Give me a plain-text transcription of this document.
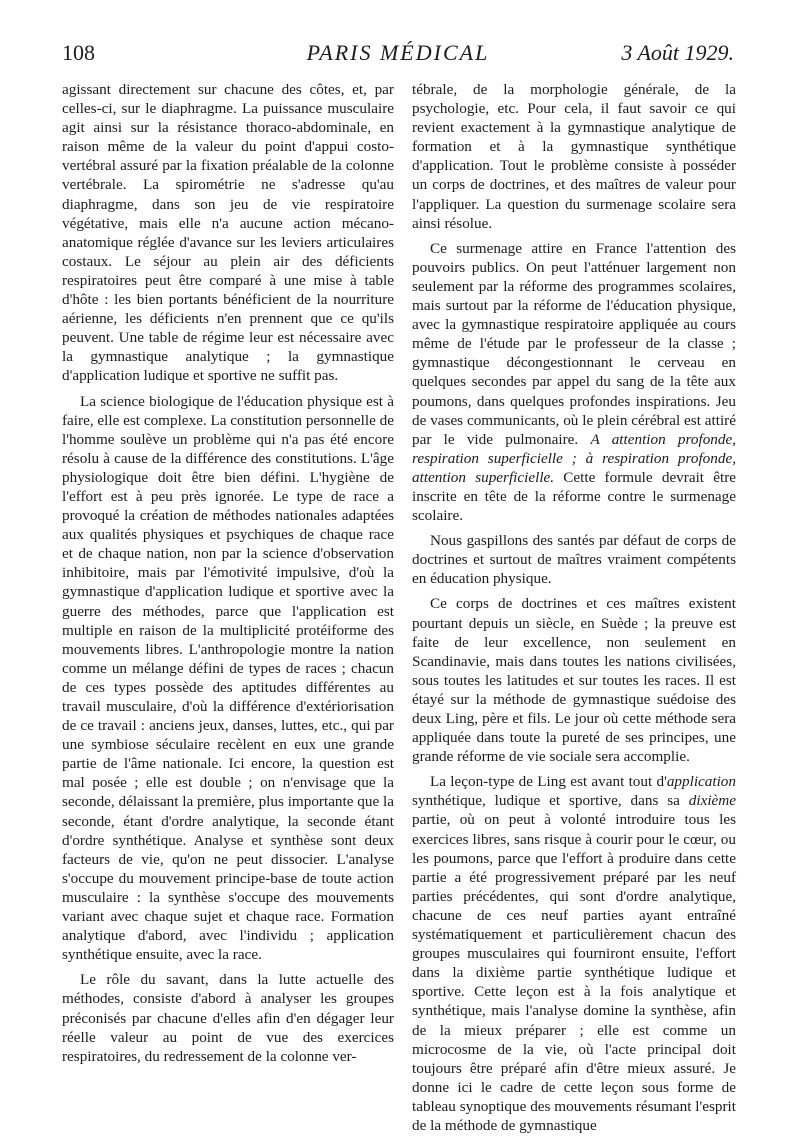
108	PARIS MÉDICAL	3 Août 1929.

agissant directement sur chacune des côtes, et, par celles-ci, sur le diaphragme. La puissance musculaire agit ainsi sur la résistance thoraco-abdominale, en raison même de la valeur du point d'appui costo-vertébral assuré par la fixation préalable de la colonne vertébrale. La spirométrie ne s'adresse qu'au diaphragme, dans son jeu de vie respiratoire végétative, mais elle n'a aucune action mécano-anatomique réglée d'avance sur les leviers articulaires costaux. Le séjour au plein air des déficients respiratoires peut être comparé à une mise à table d'hôte : les bien portants bénéficient de la nourriture aérienne, les déficients n'en prennent que ce qu'ils peuvent. Une table de régime leur est nécessaire avec la gymnastique analytique ; la gymnastique d'application ludique et sportive ne suffit pas.

La science biologique de l'éducation physique est à faire, elle est complexe. La constitution personnelle de l'homme soulève un problème qui n'a pas été encore résolu à cause de la différence des constitutions. L'âge physiologique doit être bien défini. L'hygiène de l'effort est à peu près ignorée. Le type de race a provoqué la création de méthodes nationales adaptées aux qualités physiques et psychiques de chaque race et de chaque nation, non par la science d'observation inhibitoire, mais par l'émotivité impulsive, d'où la gymnastique d'application ludique et sportive avec la guerre des méthodes, parce que l'application est multiple en raison de la multiplicité protéiforme des mouvements libres. L'anthropologie montre la nation comme un mélange défini de types de races ; chacun de ces types possède des aptitudes différentes au travail musculaire, d'où la différence d'extériorisation de ce travail : anciens jeux, danses, luttes, etc., qui par une symbiose séculaire recèlent en eux une grande partie de l'âme nationale. Ici encore, la question est mal posée ; elle est double ; on n'envisage que la seconde, délaissant la première, plus importante que la seconde, étant d'ordre analytique, la seconde étant d'ordre synthétique. Analyse et synthèse sont deux facteurs de vie, qu'on ne peut dissocier. L'analyse s'occupe du mouvement principe-base de toute action musculaire : la synthèse s'occupe des mouvements variant avec chaque sujet et chaque race. Formation analytique d'abord, avec l'individu ; application synthétique ensuite, avec la race.

Le rôle du savant, dans la lutte actuelle des méthodes, consiste d'abord à analyser les groupes préconisés par chacune d'elles afin d'en dégager leur réelle valeur au point de vue des exercices respiratoires, du redressement de la colonne ver-

tébrale, de la morphologie générale, de la psychologie, etc. Pour cela, il faut savoir ce qui revient exactement à la gymnastique analytique de formation et à la gymnastique synthétique d'application. Tout le problème consiste à posséder un corps de doctrines, et des maîtres de valeur pour l'appliquer. La question du surmenage scolaire sera ainsi résolue.

Ce surmenage attire en France l'attention des pouvoirs publics. On peut l'atténuer largement non seulement par la réforme des programmes scolaires, mais surtout par la réforme de l'éducation physique, avec la gymnastique respiratoire appliquée au cours même de l'étude par le professeur de la classe ; gymnastique décongestionnant le cerveau en quelques secondes par appel du sang de la tête aux poumons, dans quelques profondes inspirations. Jeu de vases communicants, où le plein cérébral est attiré par le vide pulmonaire. A attention profonde, respiration superficielle ; à respiration profonde, attention superficielle. Cette formule devrait être inscrite en tête de la réforme contre le surmenage scolaire.

Nous gaspillons des santés par défaut de corps de doctrines et surtout de maîtres vraiment compétents en éducation physique.

Ce corps de doctrines et ces maîtres existent pourtant depuis un siècle, en Suède ; la preuve est faite de leur excellence, non seulement en Scandinavie, mais dans toutes les nations civilisées, sous toutes les latitudes et sur toutes les races. Il est étayé sur la méthode de gymnastique suédoise des deux Ling, père et fils. Le jour où cette méthode sera appliquée dans toute la pureté de ses principes, une grande réforme de vie sociale sera accomplie.

La leçon-type de Ling est avant tout d'application synthétique, ludique et sportive, dans sa dixième partie, où on peut à volonté introduire tous les exercices libres, sans risque à courir pour le cœur, ou les poumons, parce que l'effort à produire dans cette partie a été progressivement préparé par les neuf parties précédentes, qui sont d'ordre analytique, chacune de ces neuf parties ayant entraîné systématiquement et particulièrement chacun des groupes musculaires qui fourniront ensuite, l'effort dans la dixième partie synthétique ludique et sportive. Cette leçon est à la fois analytique et synthétique, mais l'analyse domine la synthèse, afin de la mieux préparer ; elle est comme un microcosme de la vie, où l'acte principal doit toujours être préparé afin d'être mieux assuré. Je donne ici le cadre de cette leçon sous forme de tableau synoptique des mouvements résumant l'esprit de la méthode de gymnastique
